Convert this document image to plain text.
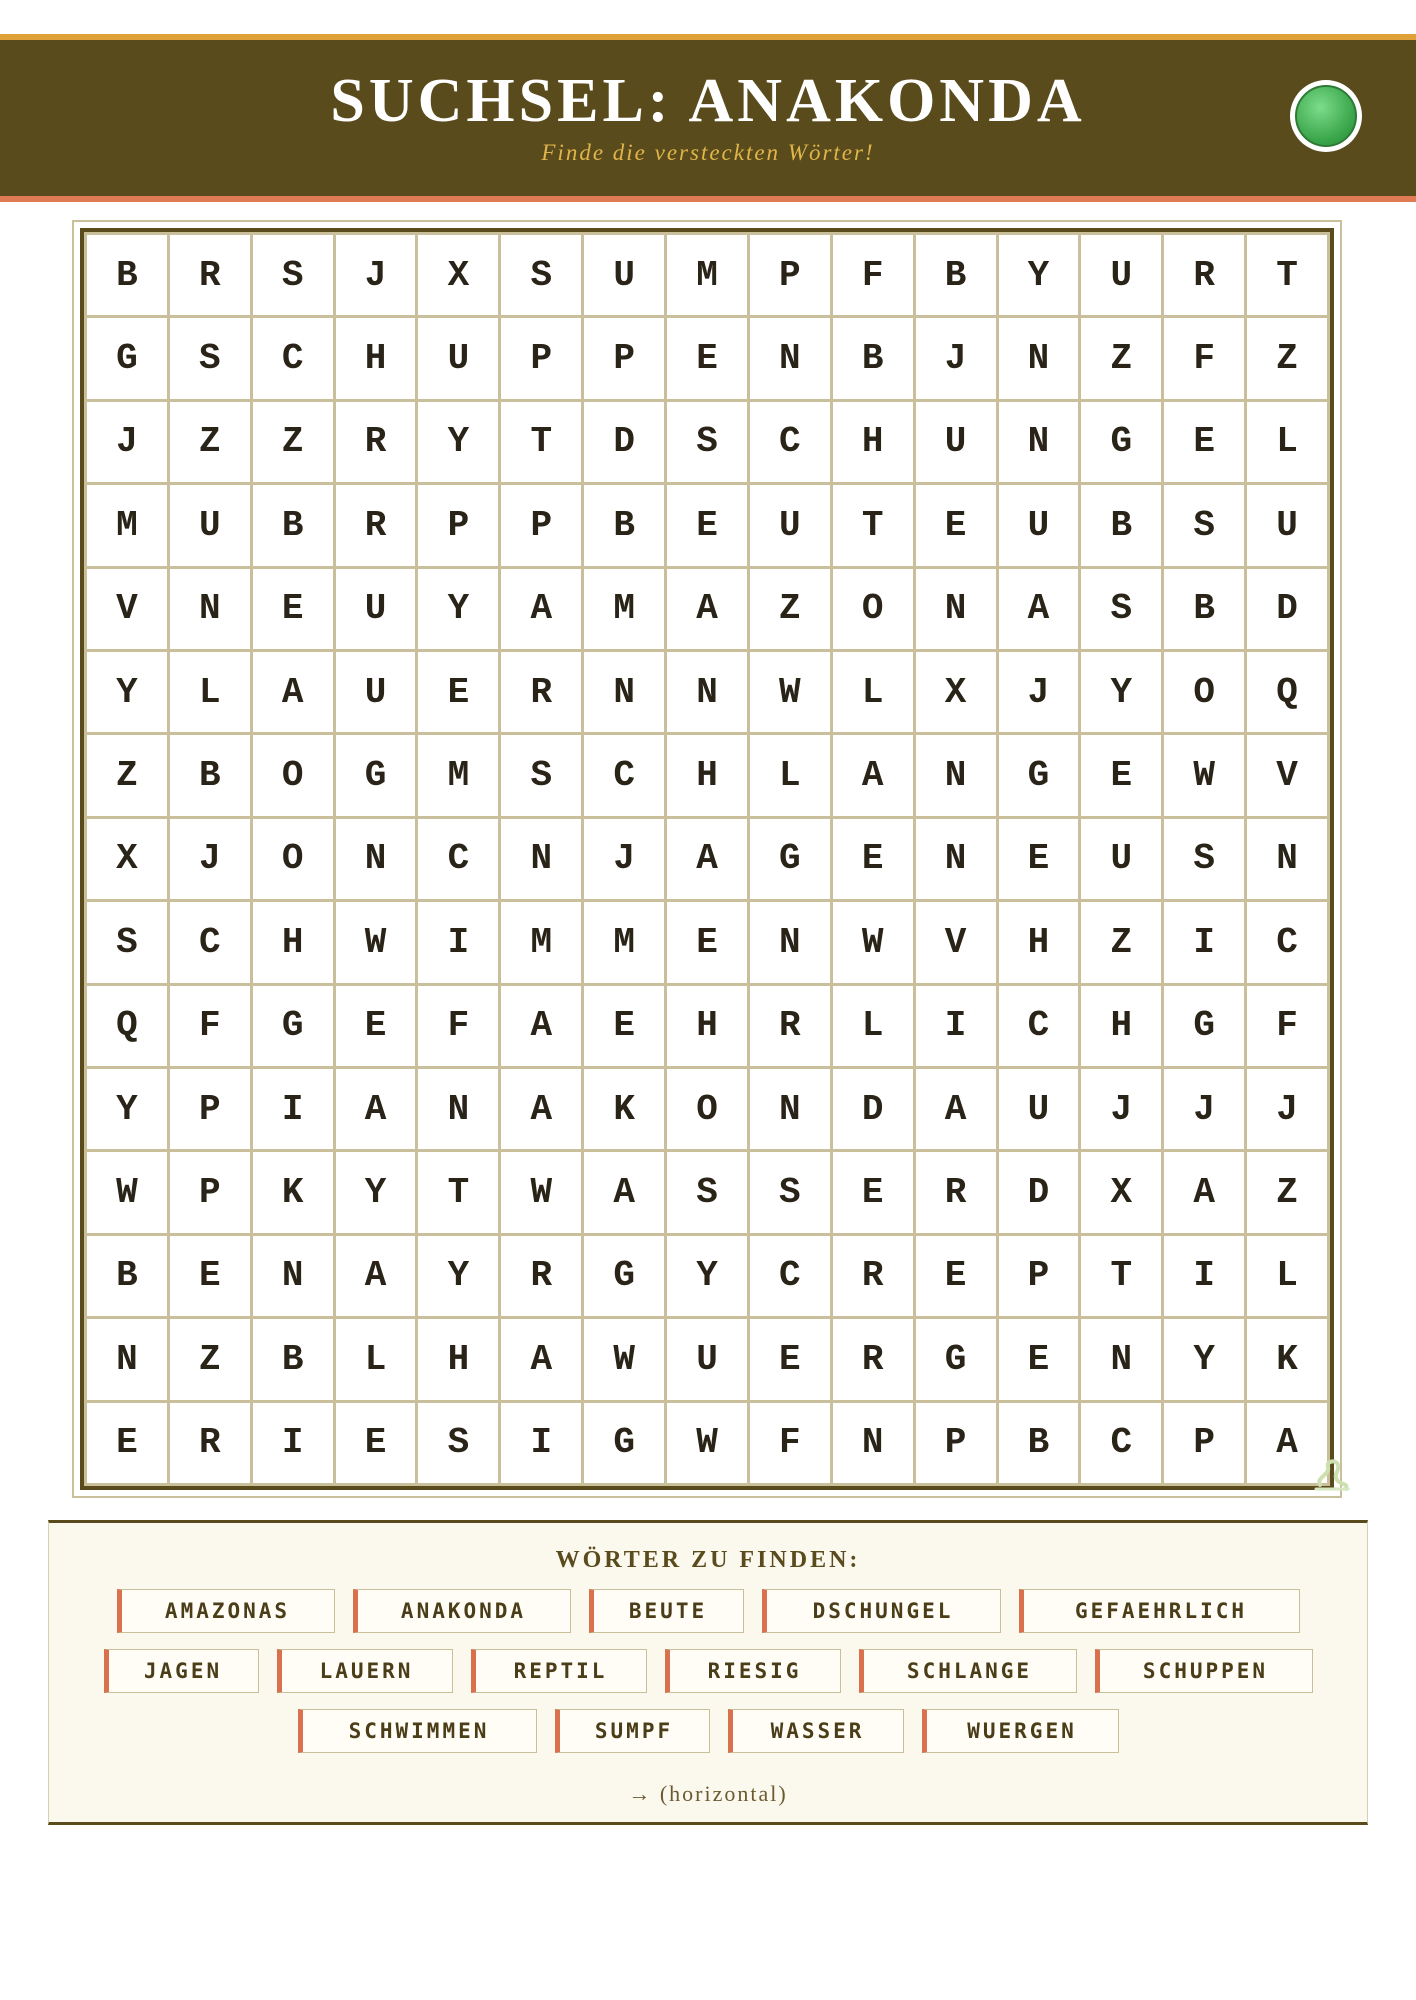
SUCHSEL: ANAKONDA
Finde die versteckten Wörter!
B	R	S	J	X	S	U	M	P	F	B	Y	U	R	T
G	S	C	H	U	P	P	E	N	B	J	N	Z	F	Z
J	Z	Z	R	Y	T	D	S	C	H	U	N	G	E	L
M	U	B	R	P	P	B	E	U	T	E	U	B	S	U
V	N	E	U	Y	A	M	A	Z	O	N	A	S	B	D
Y	L	A	U	E	R	N	N	W	L	X	J	Y	O	Q
Z	B	O	G	M	S	C	H	L	A	N	G	E	W	V
X	J	O	N	C	N	J	A	G	E	N	E	U	S	N
S	C	H	W	I	M	M	E	N	W	V	H	Z	I	C
Q	F	G	E	F	A	E	H	R	L	I	C	H	G	F
Y	P	I	A	N	A	K	O	N	D	A	U	J	J	J
W	P	K	Y	T	W	A	S	S	E	R	D	X	A	Z
B	E	N	A	Y	R	G	Y	C	R	E	P	T	I	L
N	Z	B	L	H	A	W	U	E	R	G	E	N	Y	K
E	R	I	E	S	I	G	W	F	N	P	B	C	P	A
WÖRTER ZU FINDEN:
AMAZONAS	ANAKONDA	BEUTE	DSCHUNGEL	GEFAEHRLICH
JAGEN	LAUERN	REPTIL	RIESIG	SCHLANGE	SCHUPPEN
SCHWIMMEN	SUMPF	WASSER	WUERGEN
→ (horizontal)
